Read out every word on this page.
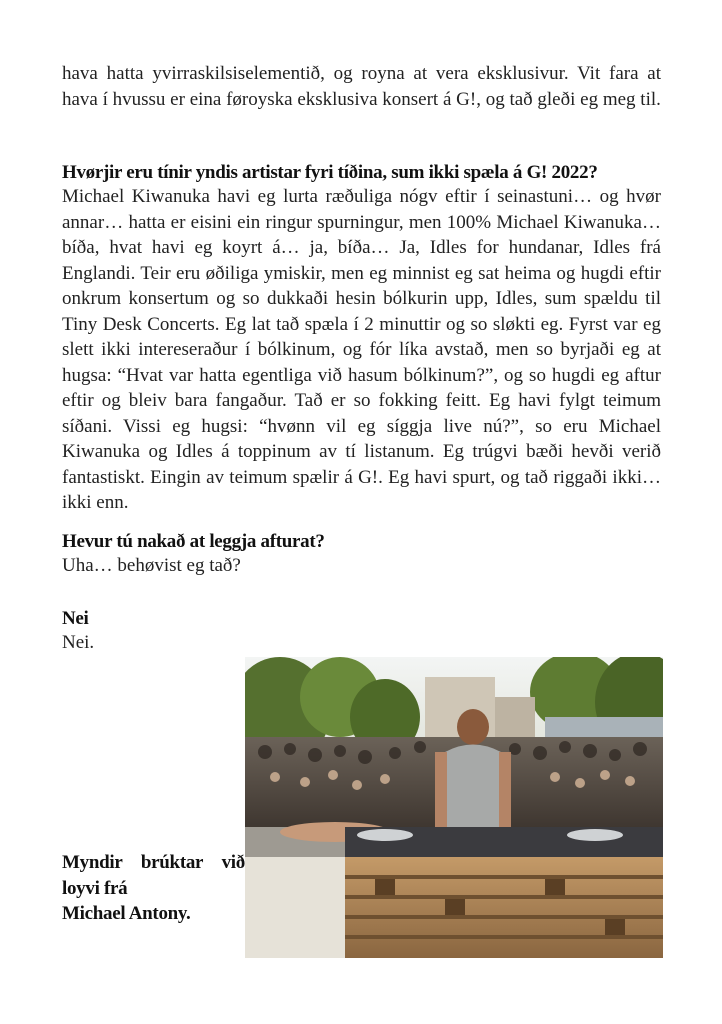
hava hatta yvirraskilsiselementið, og royna at vera eksklusivur. Vit fara at hava í hvussu er eina føroyska eksklusiva konsert á G!, og tað gleði eg meg til.

Hvørjir eru tínir yndis artistar fyri tíðina, sum ikki spæla á G! 2022?

Michael Kiwanuka havi eg lurta ræðuliga nógv eftir í seinastuni… og hvør annar… hatta er eisini ein ringur spurningur, men 100% Michael Kiwanuka… bíða, hvat havi eg koyrt á… ja, bíða… Ja, Idles for hundanar, Idles frá Englandi. Teir eru øðiliga ymiskir, men eg minnist eg sat heima og hugdi eftir onkrum konsertum og so dukkaði hesin bólkurin upp, Idles, sum spældu til Tiny Desk Concerts. Eg lat tað spæla í 2 minuttir og so sløkti eg. Fyrst var eg slett ikki intereseraður í bólkinum, og fór líka avstað, men so byrjaði eg at hugsa: “Hvat var hatta egentliga við hasum bólkinum?”, og so hugdi eg aftur eftir og bleiv bara fangaður. Tað er so fokking feitt. Eg havi fylgt teimum síðani. Vissi eg hugsi: “hvønn vil eg síggja live nú?”, so eru Michael Kiwanuka og Idles á toppinum av tí listanum. Eg trúgvi bæði hevði verið fantastiskt. Eingin av teimum spælir á G!. Eg havi spurt, og tað riggaði ikki… ikki enn.

Hevur tú nakað at leggja afturat?

Uha… behøvist eg tað?

Nei

Nei.

Myndir brúktar við
loyvi frá
Michael Antony.
